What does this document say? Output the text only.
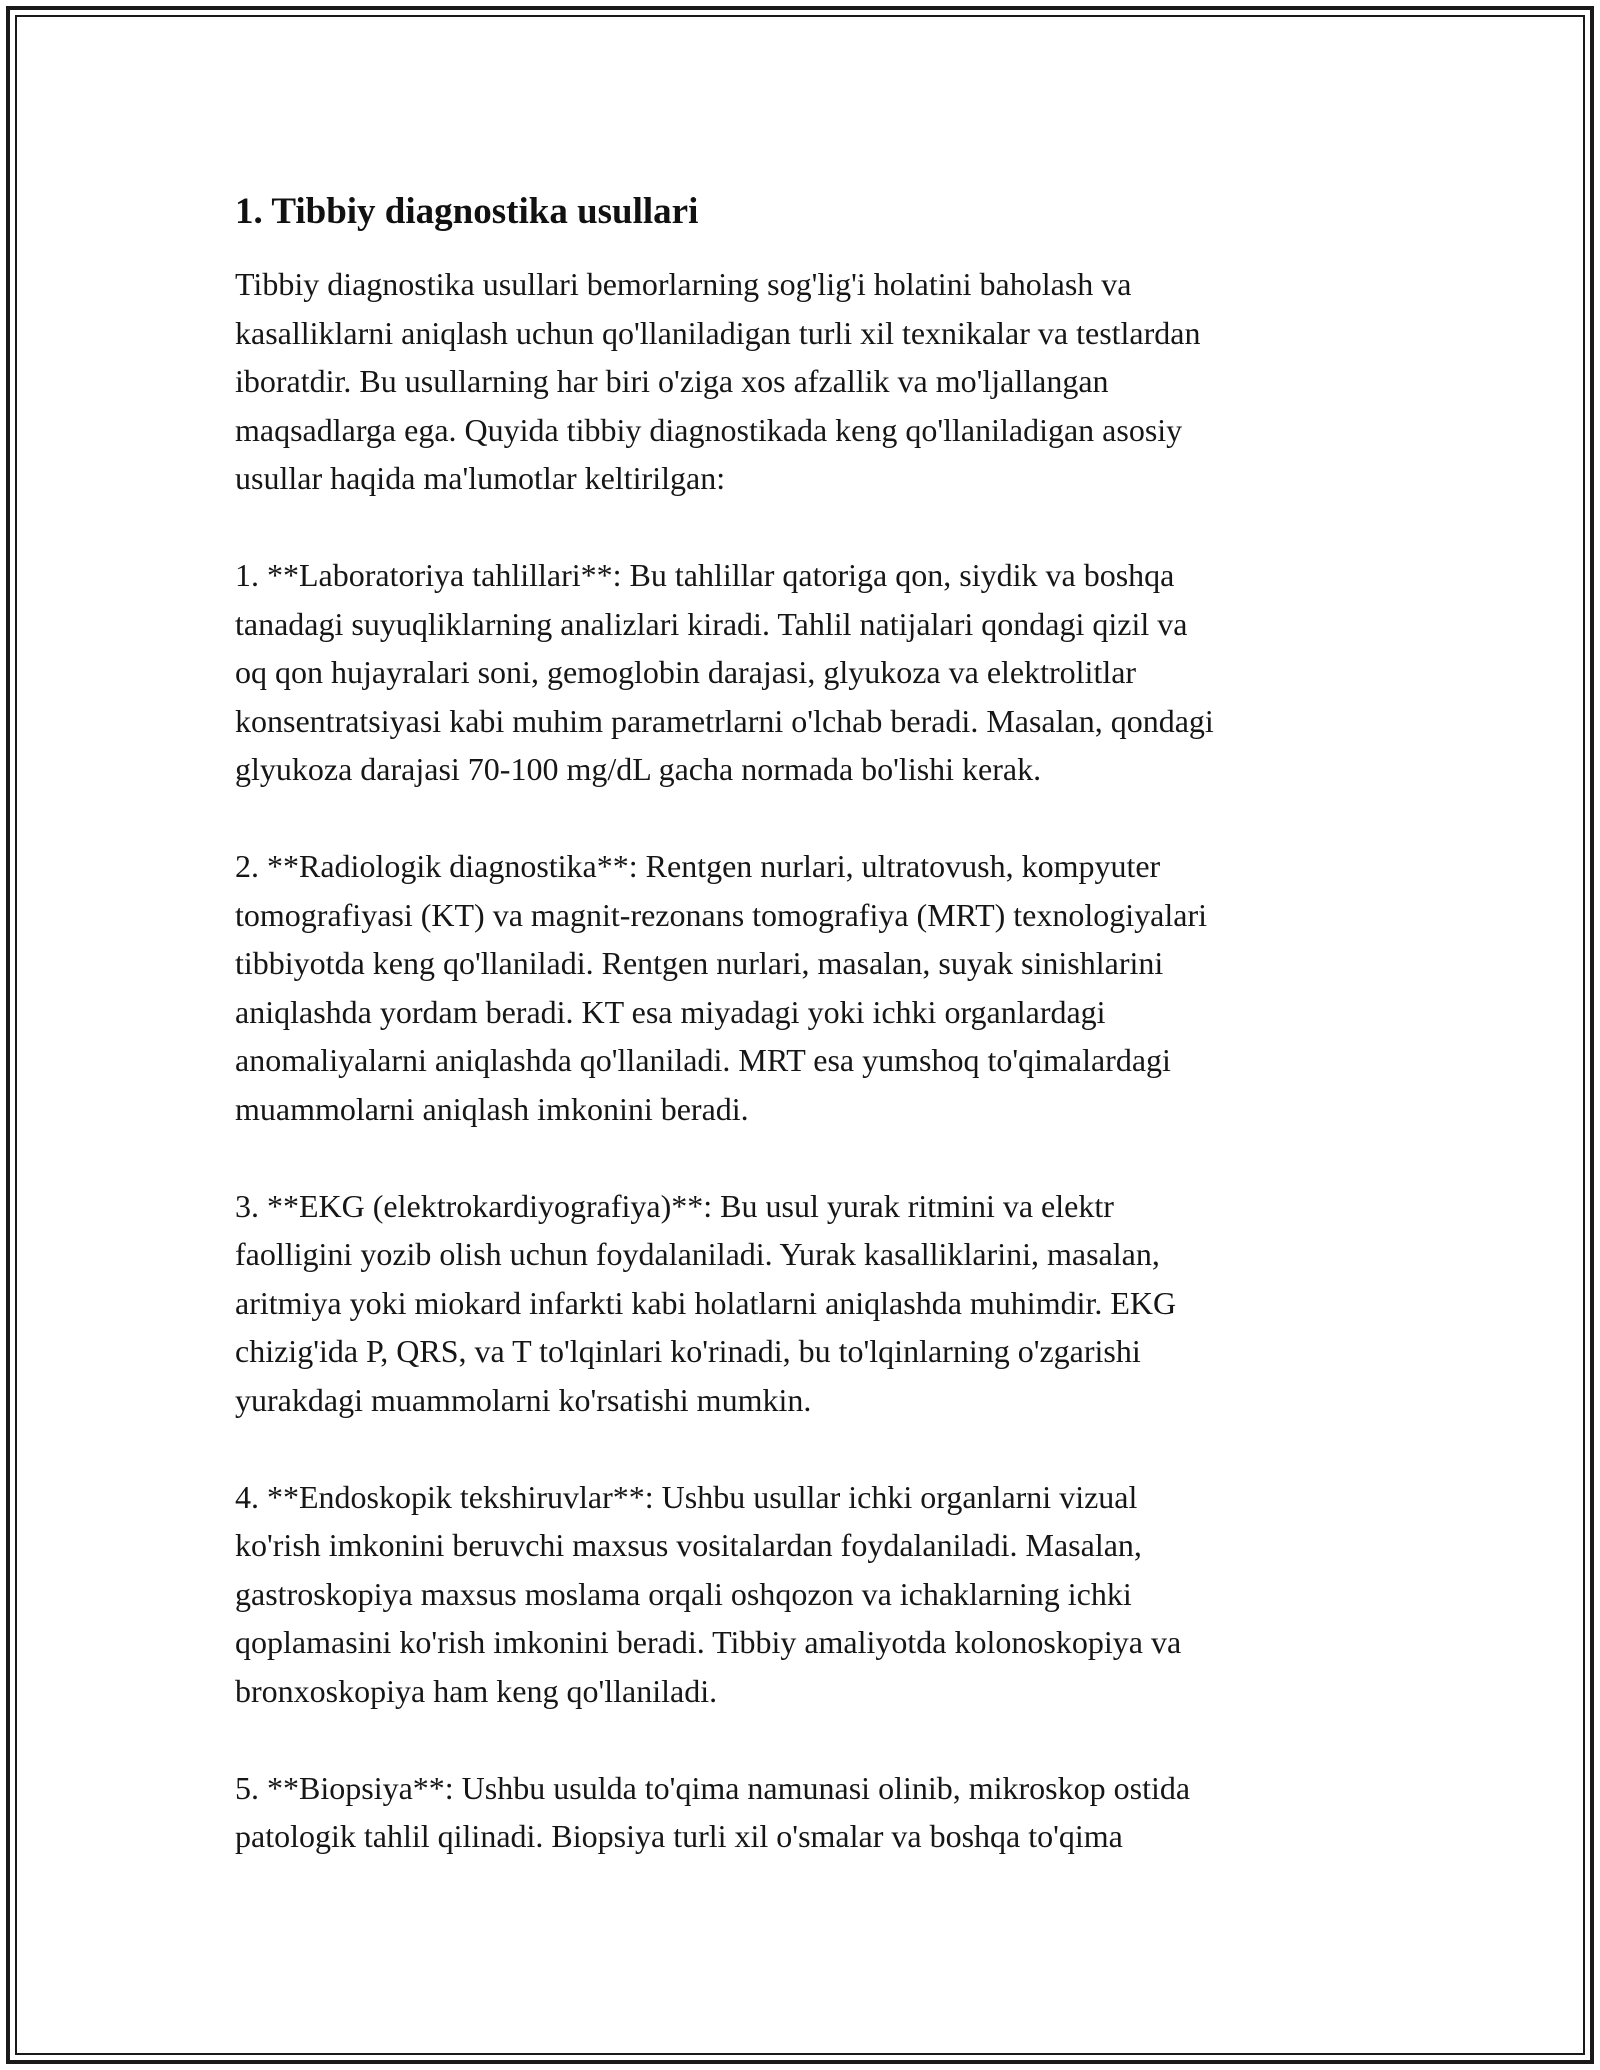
1. Tibbiy diagnostika usullari

Tibbiy diagnostika usullari bemorlarning sog'lig'i holatini baholash va
kasalliklarni aniqlash uchun qo'llaniladigan turli xil texnikalar va testlardan
iboratdir. Bu usullarning har biri o'ziga xos afzallik va mo'ljallangan
maqsadlarga ega. Quyida tibbiy diagnostikada keng qo'llaniladigan asosiy
usullar haqida ma'lumotlar keltirilgan:

1. **Laboratoriya tahlillari**: Bu tahlillar qatoriga qon, siydik va boshqa
tanadagi suyuqliklarning analizlari kiradi. Tahlil natijalari qondagi qizil va
oq qon hujayralari soni, gemoglobin darajasi, glyukoza va elektrolitlar
konsentratsiyasi kabi muhim parametrlarni o'lchab beradi. Masalan, qondagi
glyukoza darajasi 70-100 mg/dL gacha normada bo'lishi kerak.

2. **Radiologik diagnostika**: Rentgen nurlari, ultratovush, kompyuter
tomografiyasi (KT) va magnit-rezonans tomografiya (MRT) texnologiyalari
tibbiyotda keng qo'llaniladi. Rentgen nurlari, masalan, suyak sinishlarini
aniqlashda yordam beradi. KT esa miyadagi yoki ichki organlardagi
anomaliyalarni aniqlashda qo'llaniladi. MRT esa yumshoq to'qimalardagi
muammolarni aniqlash imkonini beradi.

3. **EKG (elektrokardiyografiya)**: Bu usul yurak ritmini va elektr
faolligini yozib olish uchun foydalaniladi. Yurak kasalliklarini, masalan,
aritmiya yoki miokard infarkti kabi holatlarni aniqlashda muhimdir. EKG
chizig'ida P, QRS, va T to'lqinlari ko'rinadi, bu to'lqinlarning o'zgarishi
yurakdagi muammolarni ko'rsatishi mumkin.

4. **Endoskopik tekshiruvlar**: Ushbu usullar ichki organlarni vizual
ko'rish imkonini beruvchi maxsus vositalardan foydalaniladi. Masalan,
gastroskopiya maxsus moslama orqali oshqozon va ichaklarning ichki
qoplamasini ko'rish imkonini beradi. Tibbiy amaliyotda kolonoskopiya va
bronxoskopiya ham keng qo'llaniladi.

5. **Biopsiya**: Ushbu usulda to'qima namunasi olinib, mikroskop ostida
patologik tahlil qilinadi. Biopsiya turli xil o'smalar va boshqa to'qima
